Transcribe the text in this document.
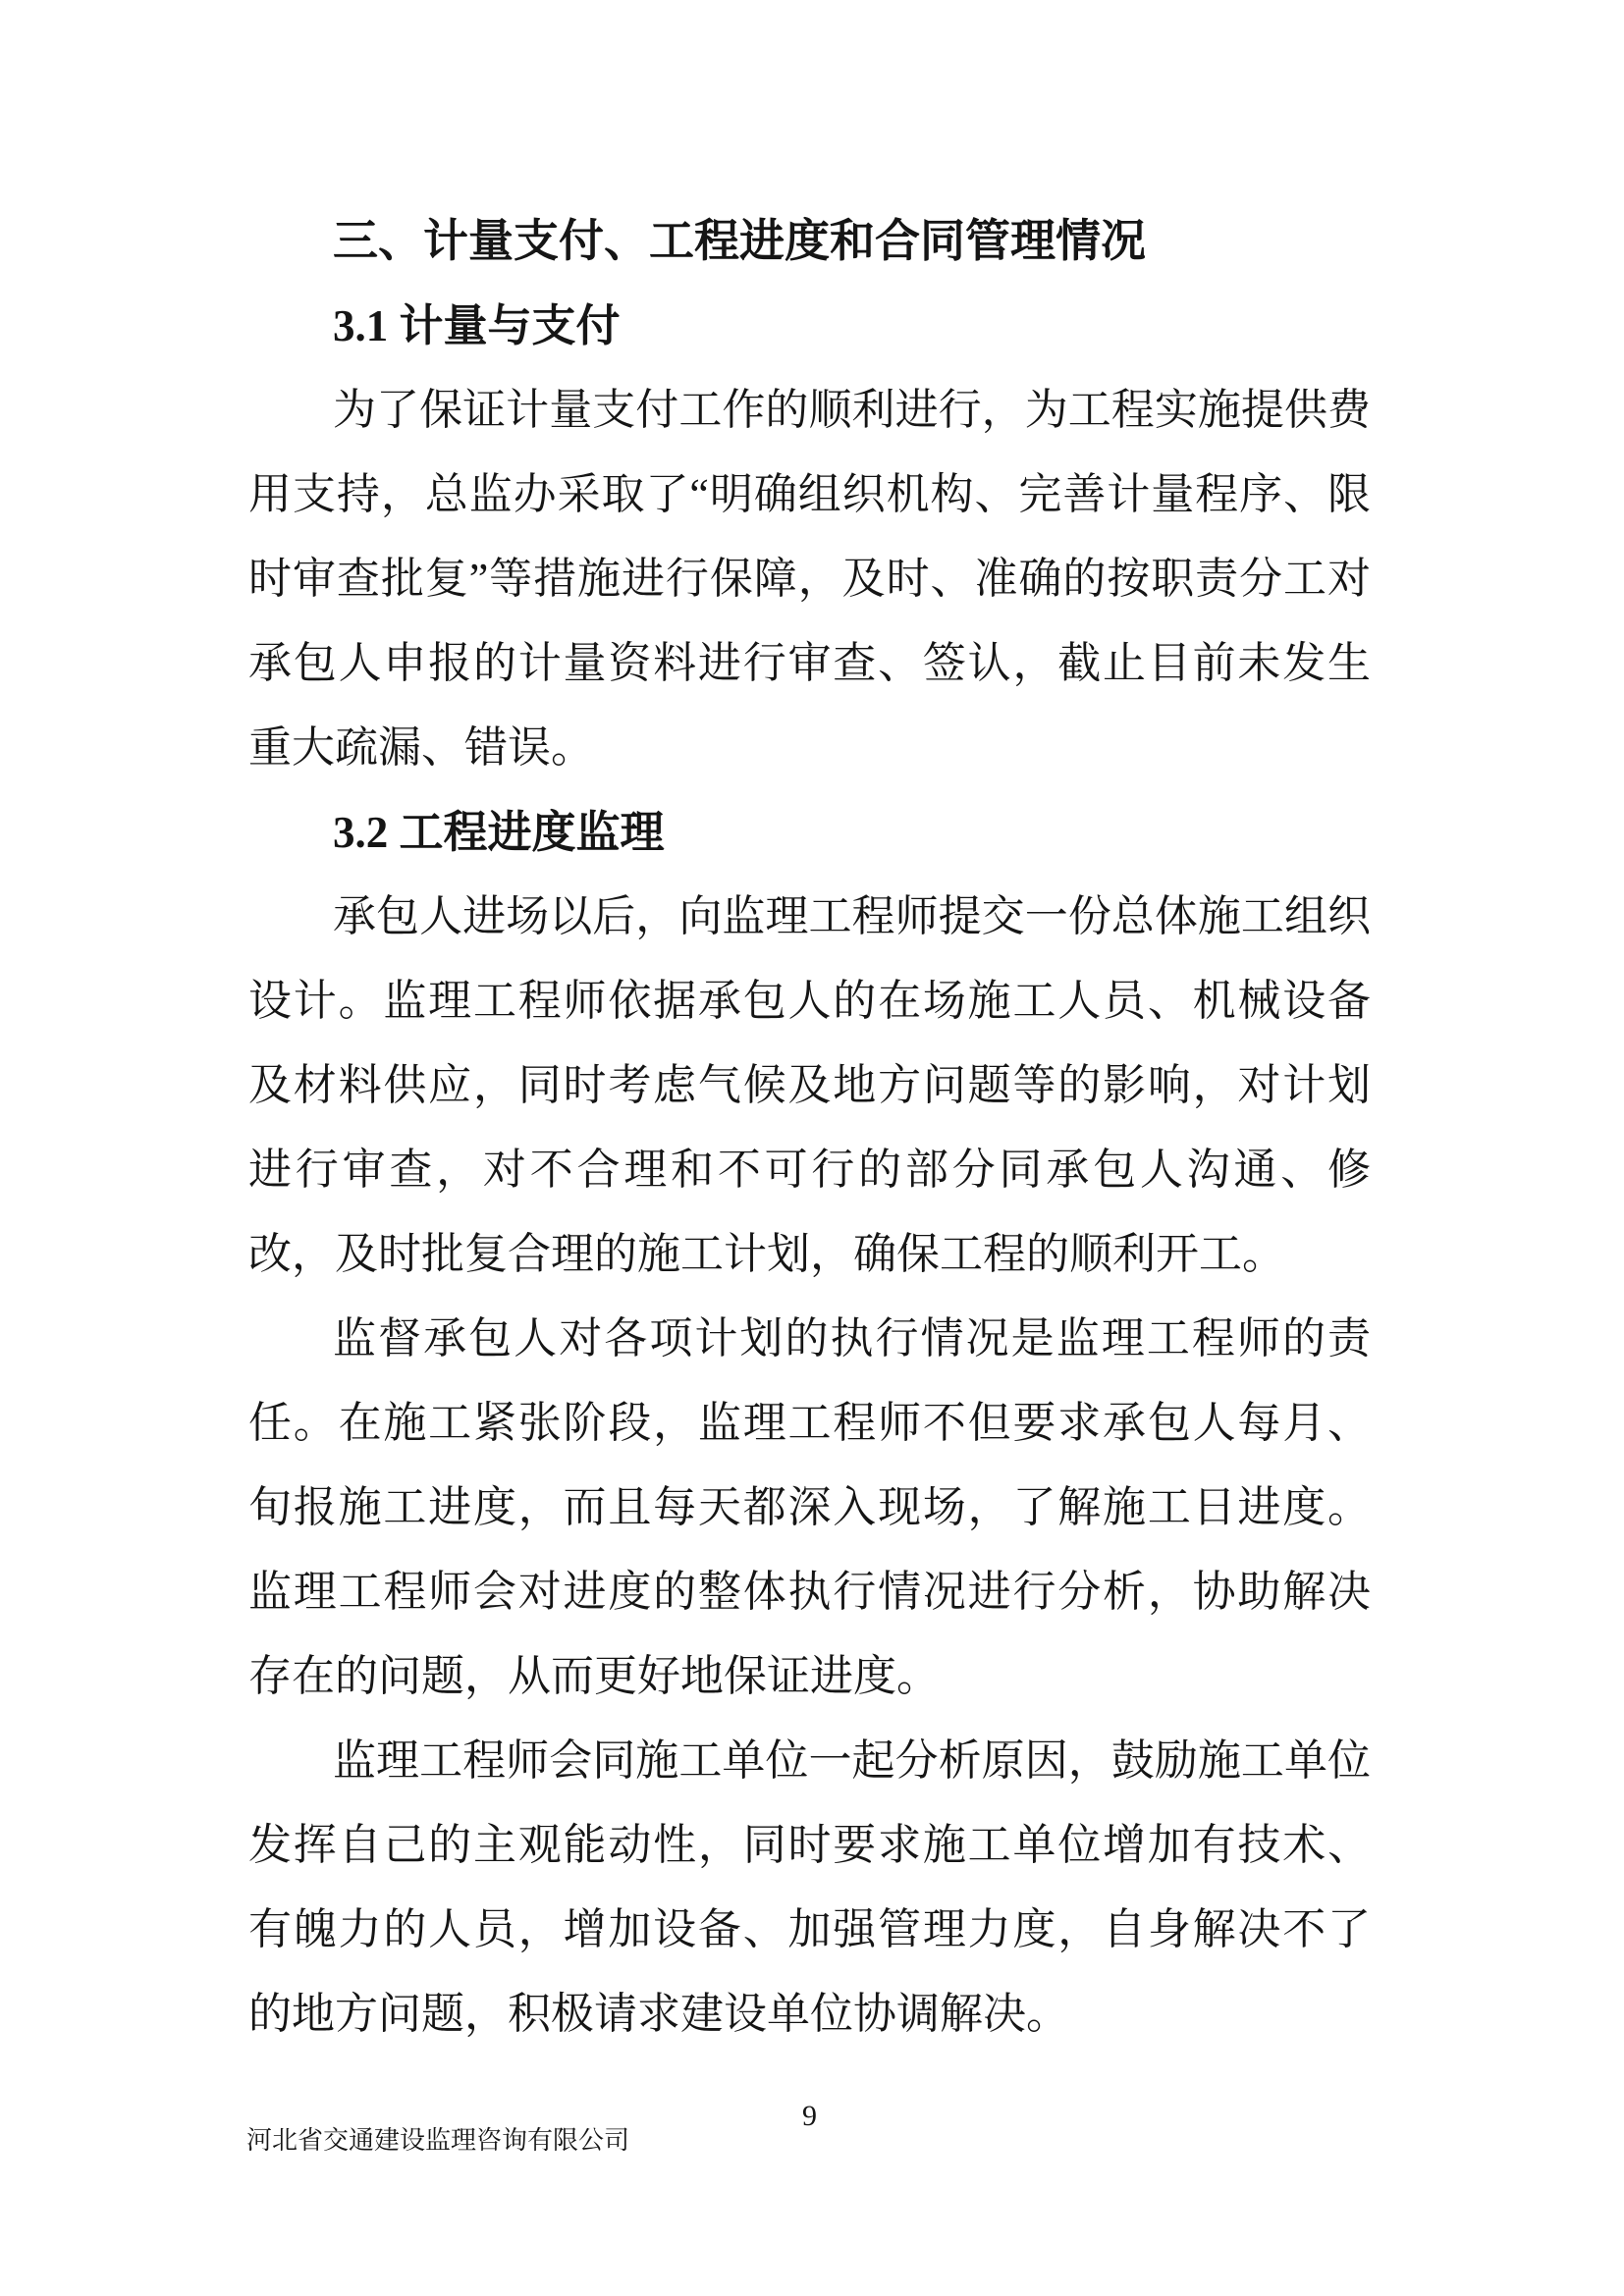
三、计量支付、工程进度和合同管理情况
3.1 计量与支付

为了保证计量支付工作的顺利进行，为工程实施提供费用支持，总监办采取了“明确组织机构、完善计量程序、限时审查批复”等措施进行保障，及时、准确的按职责分工对承包人申报的计量资料进行审查、签认，截止目前未发生重大疏漏、错误。

3.2 工程进度监理

承包人进场以后，向监理工程师提交一份总体施工组织设计。监理工程师依据承包人的在场施工人员、机械设备及材料供应，同时考虑气候及地方问题等的影响，对计划进行审查，对不合理和不可行的部分同承包人沟通、修改，及时批复合理的施工计划，确保工程的顺利开工。

监督承包人对各项计划的执行情况是监理工程师的责任。在施工紧张阶段，监理工程师不但要求承包人每月、旬报施工进度，而且每天都深入现场，了解施工日进度。监理工程师会对进度的整体执行情况进行分析，协助解决存在的问题，从而更好地保证进度。

监理工程师会同施工单位一起分析原因，鼓励施工单位发挥自己的主观能动性，同时要求施工单位增加有技术、有魄力的人员，增加设备、加强管理力度，自身解决不了的地方问题，积极请求建设单位协调解决。

9
河北省交通建设监理咨询有限公司
